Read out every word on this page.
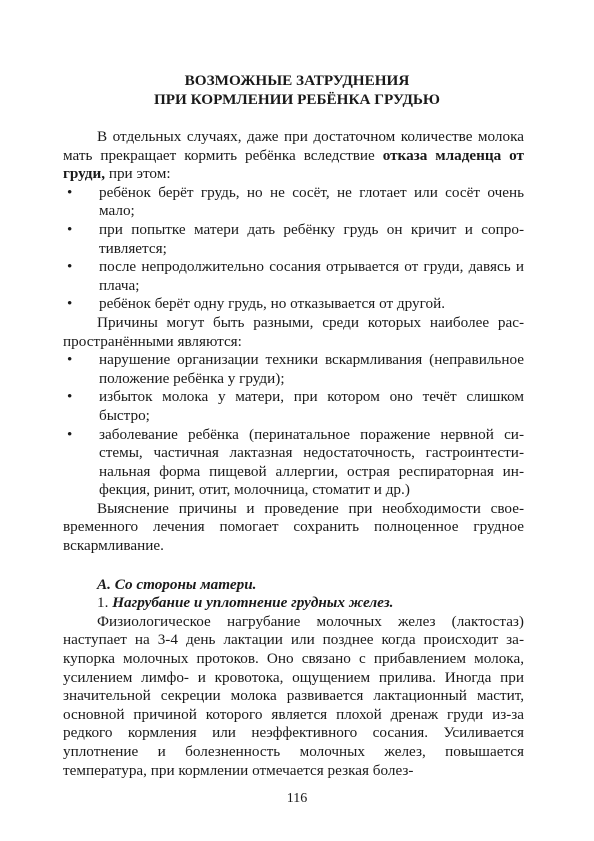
ВОЗМОЖНЫЕ ЗАТРУДНЕНИЯ
ПРИ КОРМЛЕНИИ РЕБЁНКА ГРУДЬЮ

В отдельных случаях, даже при достаточном количестве молока мать прекращает кормить ребёнка вследствие отказа младенца от груди, при этом:

• ребёнок берёт грудь, но не сосёт, не глотает или сосёт очень мало;
• при попытке матери дать ребёнку грудь он кричит и сопротивляется;
• после непродолжительно сосания отрывается от груди, давясь и плача;
• ребёнок берёт одну грудь, но отказывается от другой.

Причины могут быть разными, среди которых наиболее распространёнными являются:

• нарушение организации техники вскармливания (неправильное положение ребёнка у груди);
• избыток молока у матери, при котором оно течёт слишком быстро;
• заболевание ребёнка (перинатальное поражение нервной системы, частичная лактазная недостаточность, гастроинтестинальная форма пищевой аллергии, острая респираторная инфекция, ринит, отит, молочница, стоматит и др.)

Выяснение причины и проведение при необходимости своевременного лечения помогает сохранить полноценное грудное вскармливание.

А. Со стороны матери.

1. Нагрубание и уплотнение грудных желез.

Физиологическое нагрубание молочных желез (лактостаз) наступает на 3-4 день лактации или позднее когда происходит закупорка молочных протоков. Оно связано с прибавлением молока, усилением лимфо- и кровотока, ощущением прилива. Иногда при значительной секреции молока развивается лактационный мастит, основной причиной которого является плохой дренаж груди из-за редкого кормления или неэффективного сосания. Усиливается уплотнение и болезненность молочных желез, повышается температура, при кормлении отмечается резкая болез-

116
